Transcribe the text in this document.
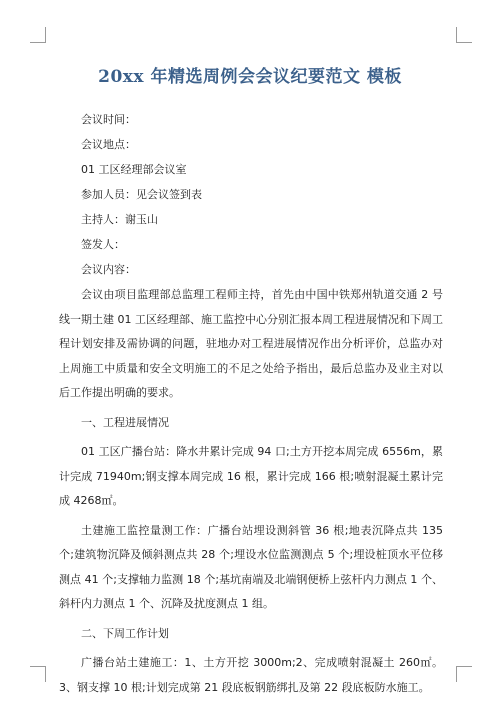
20xx 年精选周例会会议纪要范文 模板

会议时间：

会议地点：

01 工区经理部会议室

参加人员：见会议签到表

主持人：谢玉山

签发人：

会议内容：

会议由项目监理部总监理工程师主持，首先由中国中铁郑州轨道交通 2 号线一期土建 01 工区经理部、施工监控中心分别汇报本周工程进展情况和下周工程计划安排及需协调的问题，驻地办对工程进展情况作出分析评价，总监办对上周施工中质量和安全文明施工的不足之处给予指出，最后总监办及业主对以后工作提出明确的要求。

一、工程进展情况

01 工区广播台站：降水井累计完成 94 口;土方开挖本周完成 6556m，累计完成 71940m;钢支撑本周完成 16 根，累计完成 166 根;喷射混凝土累计完成 4268㎡。

土建施工监控量测工作：广播台站埋设测斜管 36 根;地表沉降点共 135 个;建筑物沉降及倾斜测点共 28 个;埋设水位监测测点 5 个;埋设桩顶水平位移测点 41 个;支撑轴力监测 18 个;基坑南端及北端钢便桥上弦杆内力测点 1 个、斜杆内力测点 1 个、沉降及扰度测点 1 组。

二、下周工作计划

广播台站土建施工：1、土方开挖 3000m;2、完成喷射混凝土 260㎡。3、钢支撑 10 根;计划完成第 21 段底板钢筋绑扎及第 22 段底板防水施工。
